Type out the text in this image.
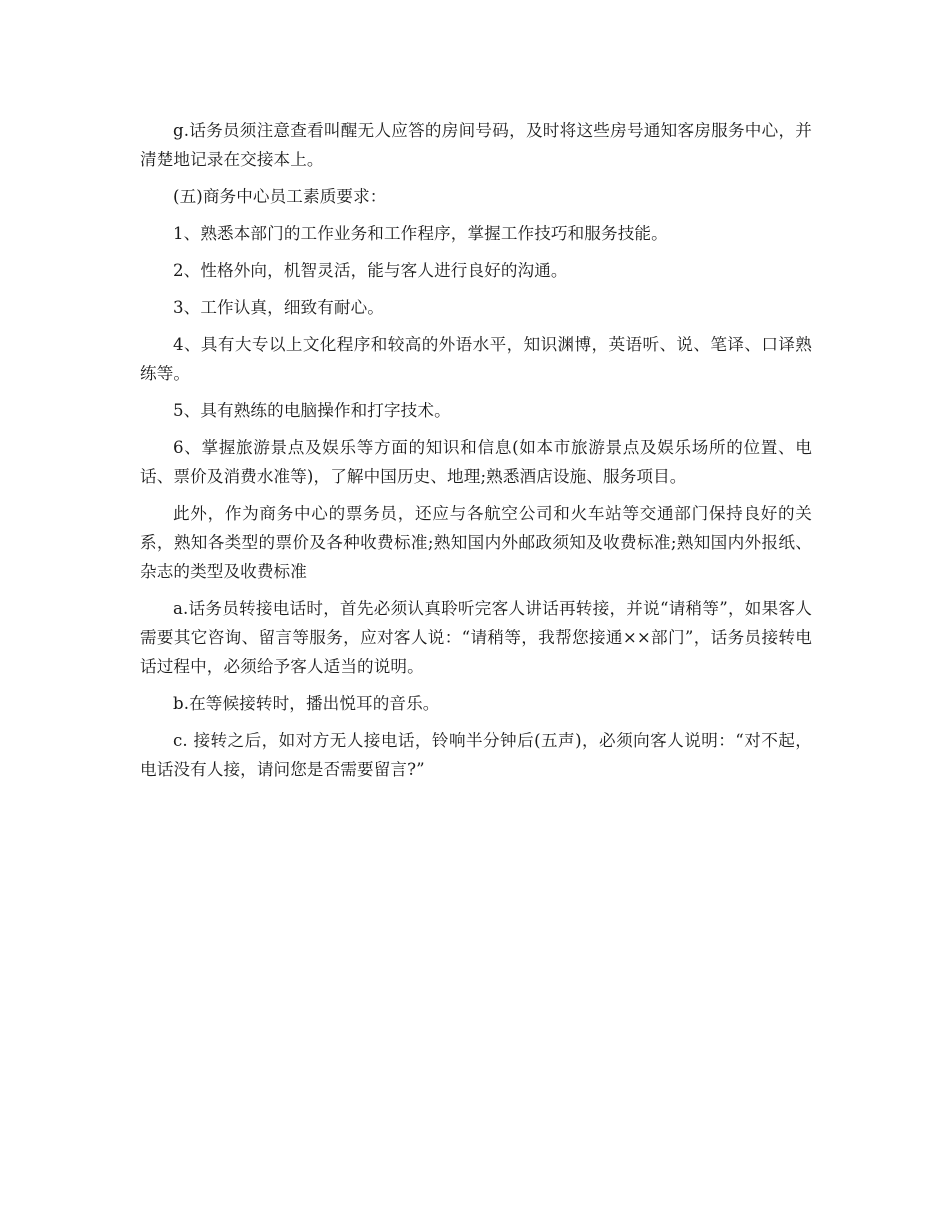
g.话务员须注意查看叫醒无人应答的房间号码，及时将这些房号通知客房服务中心，并清楚地记录在交接本上。

(五)商务中心员工素质要求：

1、熟悉本部门的工作业务和工作程序，掌握工作技巧和服务技能。

2、性格外向，机智灵活，能与客人进行良好的沟通。

3、工作认真，细致有耐心。

4、具有大专以上文化程序和较高的外语水平，知识渊博，英语听、说、笔译、口译熟练等。

5、具有熟练的电脑操作和打字技术。

6、掌握旅游景点及娱乐等方面的知识和信息(如本市旅游景点及娱乐场所的位置、电话、票价及消费水准等)，了解中国历史、地理;熟悉酒店设施、服务项目。

此外，作为商务中心的票务员，还应与各航空公司和火车站等交通部门保持良好的关系，熟知各类型的票价及各种收费标准;熟知国内外邮政须知及收费标准;熟知国内外报纸、杂志的类型及收费标准

a.话务员转接电话时，首先必须认真聆听完客人讲话再转接，并说“请稍等”，如果客人需要其它咨询、留言等服务，应对客人说：“请稍等，我帮您接通××部门”，话务员接转电话过程中，必须给予客人适当的说明。

b.在等候接转时，播出悦耳的音乐。

c. 接转之后，如对方无人接电话，铃响半分钟后(五声)，必须向客人说明：“对不起，电话没有人接，请问您是否需要留言?”
